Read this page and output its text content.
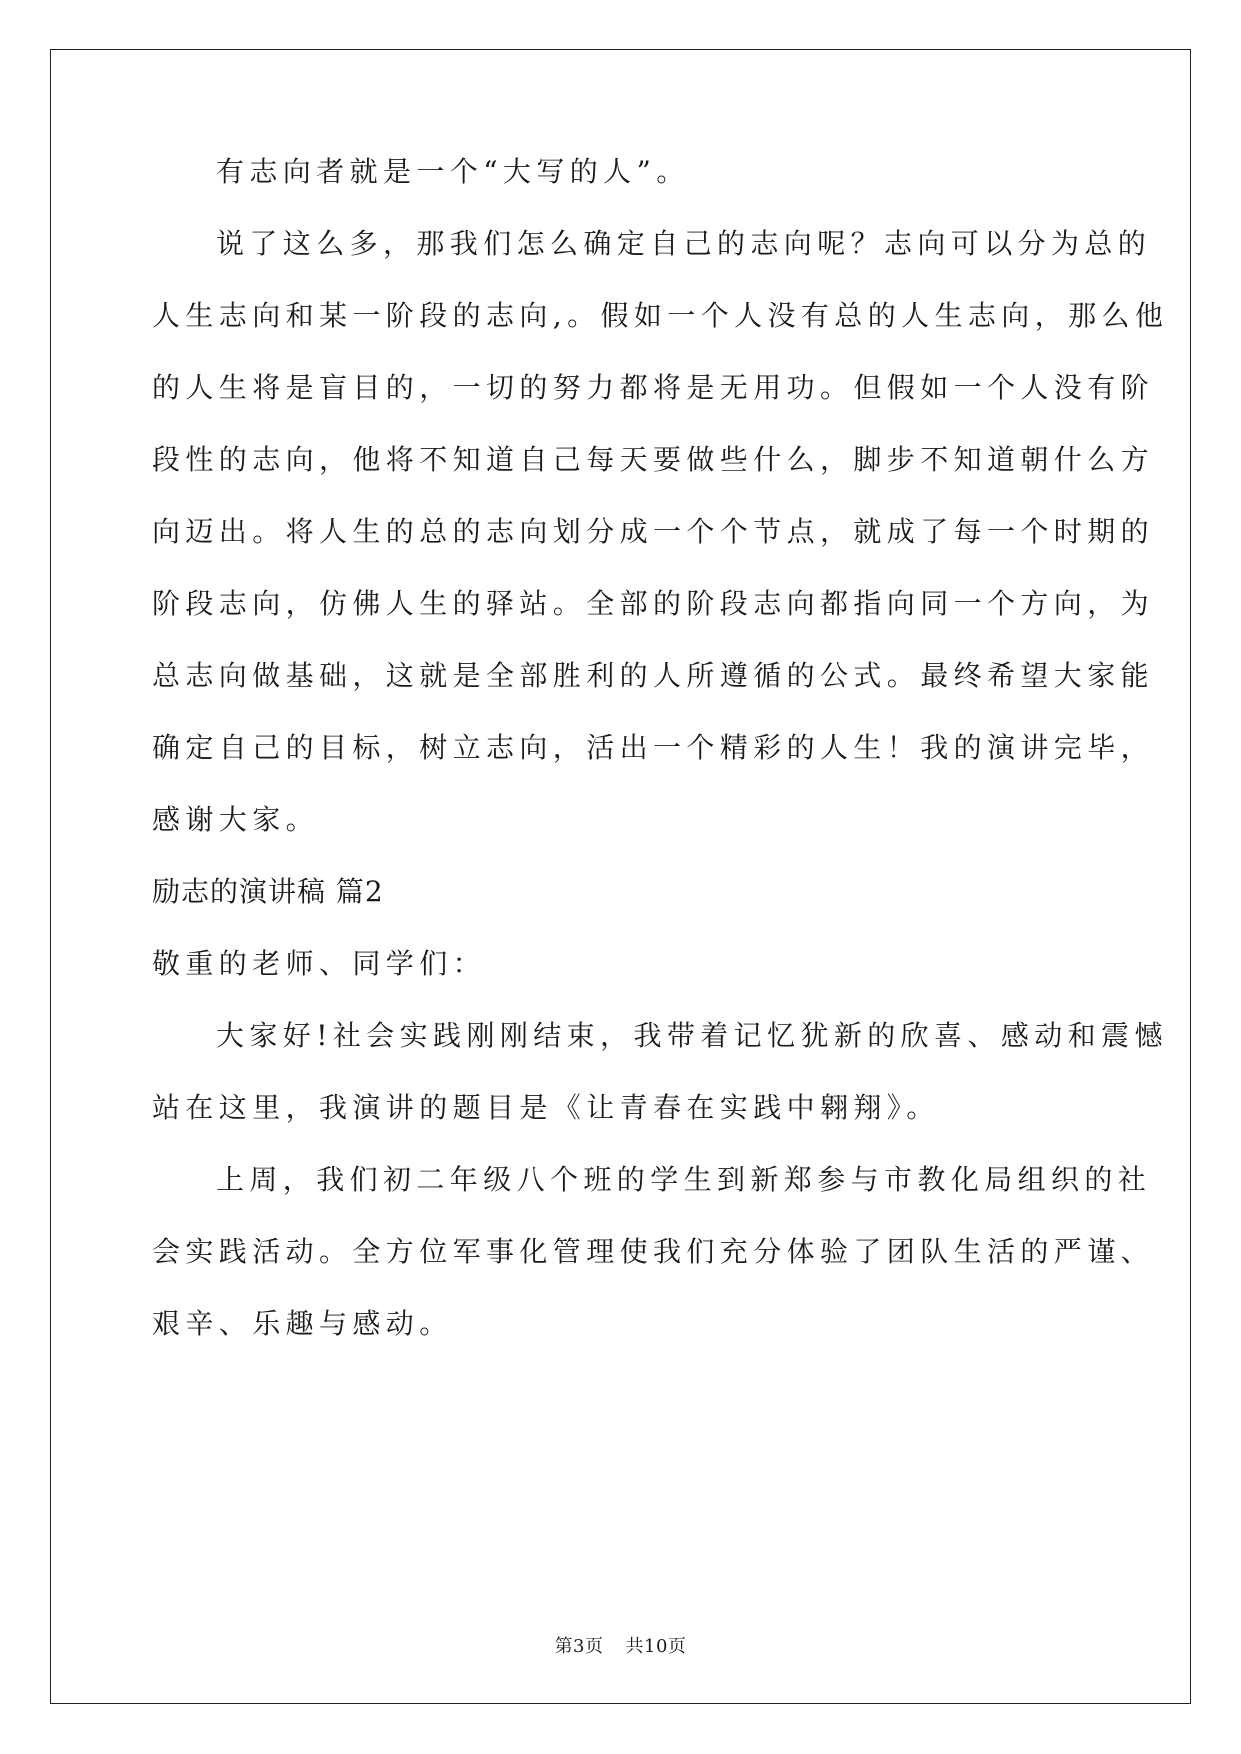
有志向者就是一个“大写的人”。
说了这么多，那我们怎么确定自己的志向呢？志向可以分为总的
人生志向和某一阶段的志向,。假如一个人没有总的人生志向，那么他
的人生将是盲目的，一切的努力都将是无用功。但假如一个人没有阶
段性的志向，他将不知道自己每天要做些什么，脚步不知道朝什么方
向迈出。将人生的总的志向划分成一个个节点，就成了每一个时期的
阶段志向，仿佛人生的驿站。全部的阶段志向都指向同一个方向，为
总志向做基础，这就是全部胜利的人所遵循的公式。最终希望大家能
确定自己的目标，树立志向，活出一个精彩的人生！我的演讲完毕，
感谢大家。
励志的演讲稿 篇2
敬重的老师、同学们：
大家好!社会实践刚刚结束，我带着记忆犹新的欣喜、感动和震憾
站在这里，我演讲的题目是《让青春在实践中翱翔》。
上周，我们初二年级八个班的学生到新郑参与市教化局组织的社
会实践活动。全方位军事化管理使我们充分体验了团队生活的严谨、
艰辛、乐趣与感动。
第3页 共10页
